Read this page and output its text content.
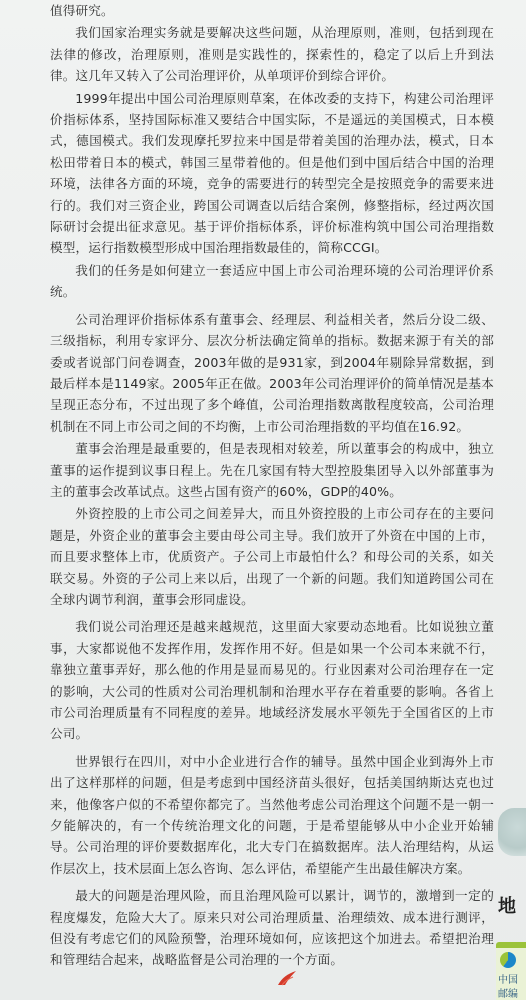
值得研究。

我们国家治理实务就是要解决这些问题，从治理原则，准则，包括到现在法律的修改，治理原则，准则是实践性的，探索性的，稳定了以后上升到法律。这几年又转入了公司治理评价，从单项评价到综合评价。

1999年提出中国公司治理原则草案，在体改委的支持下，构建公司治理评价指标体系，坚持国际标准又要结合中国实际，不是遥远的美国模式，日本模式，德国模式。我们发现摩托罗拉来中国是带着美国的治理办法，模式，日本松田带着日本的模式，韩国三星带着他的。但是他们到中国后结合中国的治理环境，法律各方面的环境，竞争的需要进行的转型完全是按照竞争的需要来进行的。我们对三资企业，跨国公司调查以后结合案例，修整指标，经过两次国际研讨会提出征求意见。基于评价指标体系，评价标准构筑中国公司治理指数模型，运行指数模型形成中国治理指数最佳的，简称CCGI。

我们的任务是如何建立一套适应中国上市公司治理环境的公司治理评价系统。

公司治理评价指标体系有董事会、经理层、利益相关者，然后分设二级、三级指标，利用专家评分、层次分析法确定简单的指标。数据来源于有关的部委或者说部门问卷调查，2003年做的是931家，到2004年剔除异常数据，到最后样本是1149家。2005年正在做。2003年公司治理评价的简单情况是基本呈现正态分布，不过出现了多个峰值，公司治理指数离散程度较高，公司治理机制在不同上市公司之间的不均衡，上市公司治理指数的平均值在16.92。

董事会治理是最重要的，但是表现相对较差，所以董事会的构成中，独立董事的运作提到议事日程上。先在几家国有特大型控股集团导入以外部董事为主的董事会改革试点。这些占国有资产的60%，GDP的40%。

外资控股的上市公司之间差异大，而且外资控股的上市公司存在的主要问题是，外资企业的董事会主要由母公司主导。我们放开了外资在中国的上市，而且要求整体上市，优质资产。子公司上市最怕什么？和母公司的关系，如关联交易。外资的子公司上来以后，出现了一个新的问题。我们知道跨国公司在全球内调节利润，董事会形同虚设。

我们说公司治理还是越来越规范，这里面大家要动态地看。比如说独立董事，大家都说他不发挥作用，发挥作用不好。但是如果一个公司本来就不行，靠独立董事弄好，那么他的作用是显而易见的。行业因素对公司治理存在一定的影响，大公司的性质对公司治理机制和治理水平存在着重要的影响。各省上市公司治理质量有不同程度的差异。地域经济发展水平领先于全国省区的上市公司。

世界银行在四川，对中小企业进行合作的辅导。虽然中国企业到海外上市出了这样那样的问题，但是考虑到中国经济苗头很好，包括美国纳斯达克也过来，他像客户似的不希望你都完了。当然他考虑公司治理这个问题不是一朝一夕能解决的，有一个传统治理文化的问题，于是希望能够从中小企业开始辅导。公司治理的评价要数据库化，北大专门在搞数据库。法人治理结构，从运作层次上，技术层面上怎么咨询、怎么评估，希望能产生出最佳解决方案。

最大的问题是治理风险，而且治理风险可以累计，调节的，激增到一定的程度爆发，危险大大了。原来只对公司治理质量、治理绩效、成本进行测评，但没有考虑它们的风险预警，治理环境如何，应该把这个加进去。希望把治理和管理结合起来，战略监督是公司治理的一个方面。

地
中国
邮编
